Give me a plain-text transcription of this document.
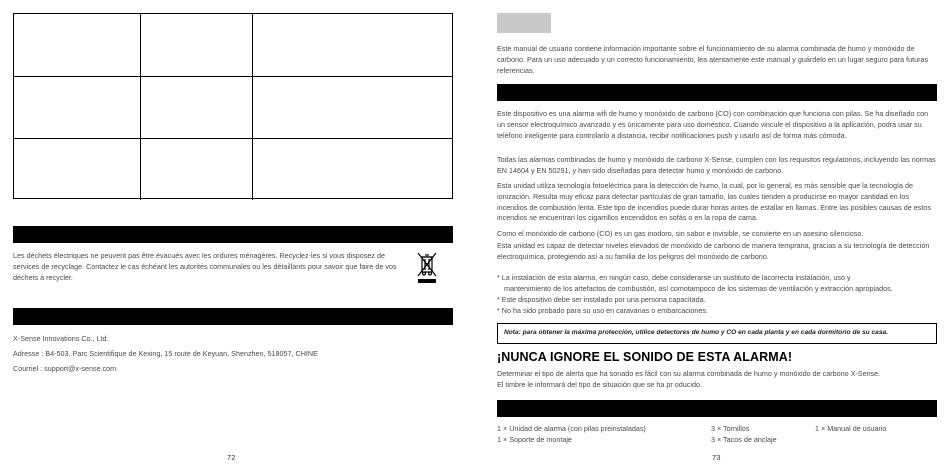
Les déchets électriques ne peuvent pas être évacués avec les ordures ménagères. Recyclez-les si vous disposez de services de recyclage. Contactez le cas échéant les autorités communales ou les détaillants pour savoir que faire de vos déchets à recycler.
X-Sense Innovations Co., Ltd.
Adresse : B4-503, Parc Scientifique de Kexing, 15 route de Keyuan, Shenzhen, 518057, CHINE
Courriel : support@x-sense.com
72
Este manual de usuario contiene información importante sobre el funcionamiento de su alarma combinada de humo y monóxido de carbono. Para un uso adecuado y un correcto funcionamiento, lea atentamente este manual y guárdelo en un lugar seguro para futuras referencias.
Este dispositivo es una alarma wifi de humo y monóxido de carbono (CO) con combinación que funciona con pilas. Se ha diseñado con un sensor electroquímico avanzado y es únicamente para uso doméstico. Cuando vincule el dispositivo a la aplicación, podrá usar su teléfono inteligente para controlarlo a distancia, recibir notificaciones push y usarlo así de forma más cómoda.
Todas las alarmas combinadas de humo y monóxido de carbono X-Sense, cumplen con los requisitos regulatorios, incluyendo las normas EN 14604 y EN 50291, y han sido diseñadas para detectar humo y monóxido de carbono.
Esta unidad utiliza tecnología fotoeléctrica para la detección de humo, la cual, por lo general, es más sensible que la tecnología de ionización. Resulta muy eficaz para detectar partículas de gran tamaño, las cuales tienden a producirse en mayor cantidad en los incendios de combustión lenta. Este tipo de incendios puede durar horas antes de estallar en llamas. Entre las posibles causas de estos incendios se encuentran los cigarrillos encendidos en sofás o en la ropa de cama.
Como el monóxido de carbono (CO) es un gas inodoro, sin sabor e invisible, se convierte en un asesino silencioso.
Esta unidad es capaz de detectar niveles elevados de monóxido de carbono de manera temprana, gracias a su tecnología de detección electroquímica, protegiendo así a su familia de los peligros del monóxido de carbono.
* La instalación de esta alarma, en ningún caso, debe considerarse un sustituto de lacorrecta instalación, uso y
mantenimiento de los artefactos de combustión, así comotampoco de los sistemas de ventilación y extracción apropiados.
* Este dispositivo debe ser instalado por una persona capacitada.
* No ha sido probado para su uso en caravanas o embarcaciones.
Nota: para obtener la máxima protección, utilice detectores de humo y CO en cada planta y en cada dormitorio de su casa.
¡NUNCA IGNORE EL SONIDO DE ESTA ALARMA!
Determinar el tipo de alerta que ha sonado es fácil con su alarma combinada de humo y monóxido de carbono X-Sense.
El timbre le informará del tipo de situación que se ha pr oducido.
1 × Unidad de alarma (con pilas preinstaladas)
1 × Soporte de montaje
3 × Tornillos
3 × Tacos de anclaje
1 × Manual de usuario
73
